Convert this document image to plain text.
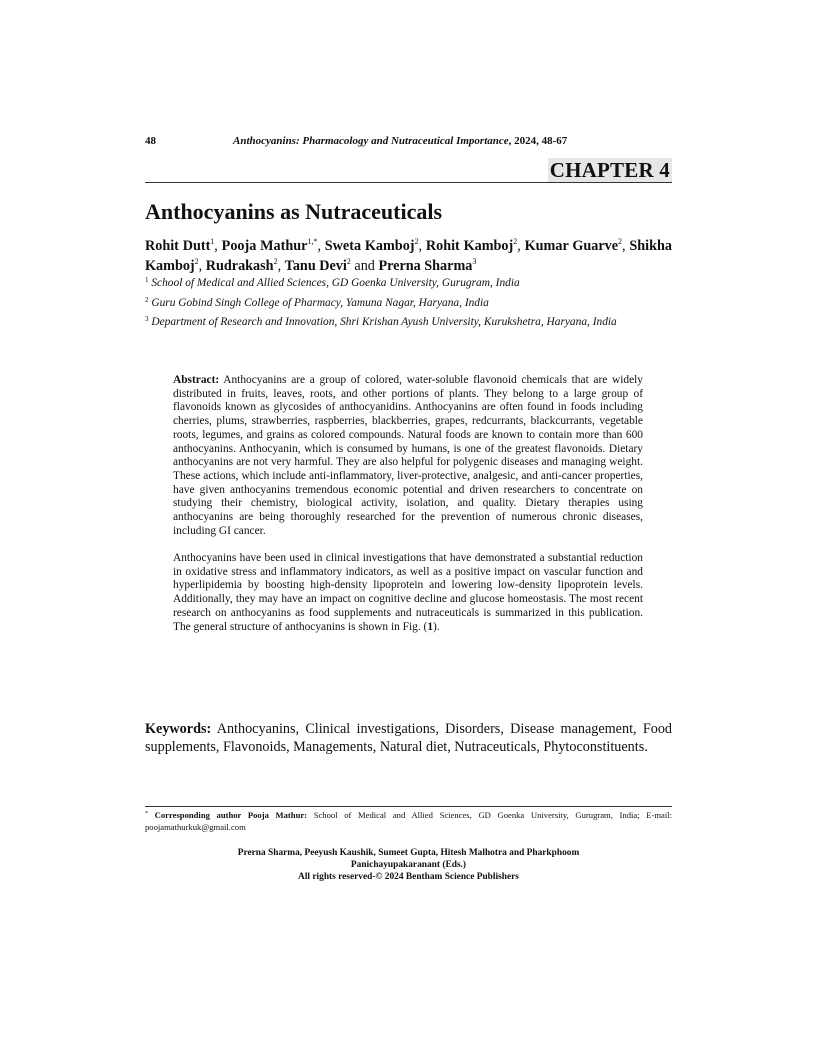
48	Anthocyanins: Pharmacology and Nutraceutical Importance, 2024, 48-67
CHAPTER 4
Anthocyanins as Nutraceuticals
Rohit Dutt$^1$, Pooja Mathur$^{1,*}$, Sweta Kamboj$^2$, Rohit Kamboj$^2$, Kumar Guarve$^2$, Shikha Kamboj$^2$, Rudrakash$^2$, Tanu Devi$^2$ and Prerna Sharma$^3$
$^1$ School of Medical and Allied Sciences, GD Goenka University, Gurugram, India
$^2$ Guru Gobind Singh College of Pharmacy, Yamuna Nagar, Haryana, India
$^3$ Department of Research and Innovation, Shri Krishan Ayush University, Kurukshetra, Haryana, India

Abstract: Anthocyanins are a group of colored, water-soluble flavonoid chemicals that are widely distributed in fruits, leaves, roots, and other portions of plants. They belong to a large group of flavonoids known as glycosides of anthocyanidins. Anthocyanins are often found in foods including cherries, plums, strawberries, raspberries, blackberries, grapes, redcurrants, blackcurrants, vegetable roots, legumes, and grains as colored compounds. Natural foods are known to contain more than 600 anthocyanins. Anthocyanin, which is consumed by humans, is one of the greatest flavonoids. Dietary anthocyanins are not very harmful. They are also helpful for polygenic diseases and managing weight. These actions, which include anti-inflammatory, liver-protective, analgesic, and anti-cancer properties, have given anthocyanins tremendous economic potential and driven researchers to concentrate on studying their chemistry, biological activity, isolation, and quality. Dietary therapies using anthocyanins are being thoroughly researched for the prevention of numerous chronic diseases, including GI cancer.

Anthocyanins have been used in clinical investigations that have demonstrated a substantial reduction in oxidative stress and inflammatory indicators, as well as a positive impact on vascular function and hyperlipidemia by boosting high-density lipoprotein and lowering low-density lipoprotein levels. Additionally, they may have an impact on cognitive decline and glucose homeostasis. The most recent research on anthocyanins as food supplements and nutraceuticals is summarized in this publication. The general structure of anthocyanins is shown in Fig. (1).

Keywords: Anthocyanins, Clinical investigations, Disorders, Disease management, Food supplements, Flavonoids, Managements, Natural diet, Nutraceuticals, Phytoconstituents.
* Corresponding author Pooja Mathur: School of Medical and Allied Sciences, GD Goenka University, Gurugram, India; E-mail: poojamathurkuk@gmail.com
Prerna Sharma, Peeyush Kaushik, Sumeet Gupta, Hitesh Malhotra and Pharkphoom
Panichayupakaranant (Eds.)
All rights reserved-© 2024 Bentham Science Publishers
